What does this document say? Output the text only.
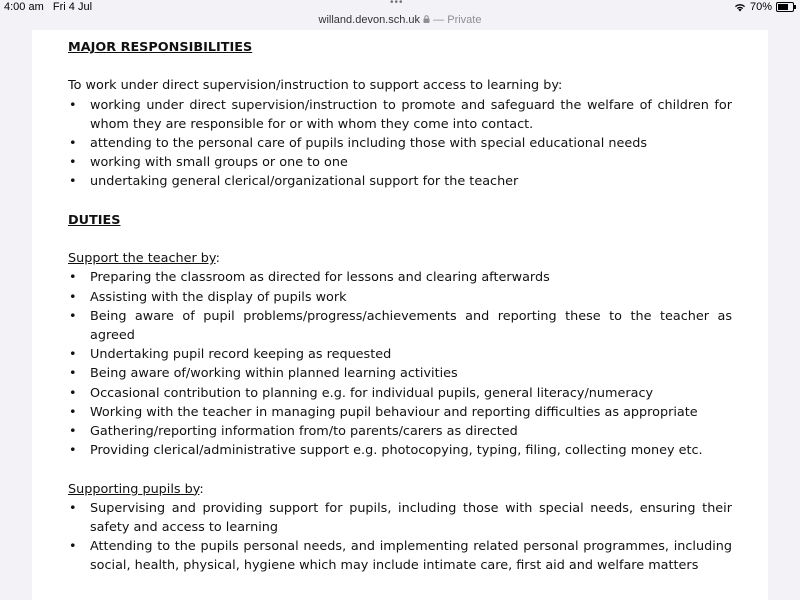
4:00 am Fri 4 Jul	•••	70%
willand.devon.sch.uk — Private

MAJOR RESPONSIBILITIES

To work under direct supervision/instruction to support access to learning by:

• working under direct supervision/instruction to promote and safeguard the welfare of children for whom they are responsible for or with whom they come into contact.
• attending to the personal care of pupils including those with special educational needs
• working with small groups or one to one
• undertaking general clerical/organizational support for the teacher

DUTIES

Support the teacher by:

• Preparing the classroom as directed for lessons and clearing afterwards
• Assisting with the display of pupils work
• Being aware of pupil problems/progress/achievements and reporting these to the teacher as agreed
• Undertaking pupil record keeping as requested
• Being aware of/working within planned learning activities
• Occasional contribution to planning e.g. for individual pupils, general literacy/numeracy
• Working with the teacher in managing pupil behaviour and reporting difficulties as appropriate
• Gathering/reporting information from/to parents/carers as directed
• Providing clerical/administrative support e.g. photocopying, typing, filing, collecting money etc.

Supporting pupils by:

• Supervising and providing support for pupils, including those with special needs, ensuring their safety and access to learning
• Attending to the pupils personal needs, and implementing related personal programmes, including social, health, physical, hygiene which may include intimate care, first aid and welfare matters
